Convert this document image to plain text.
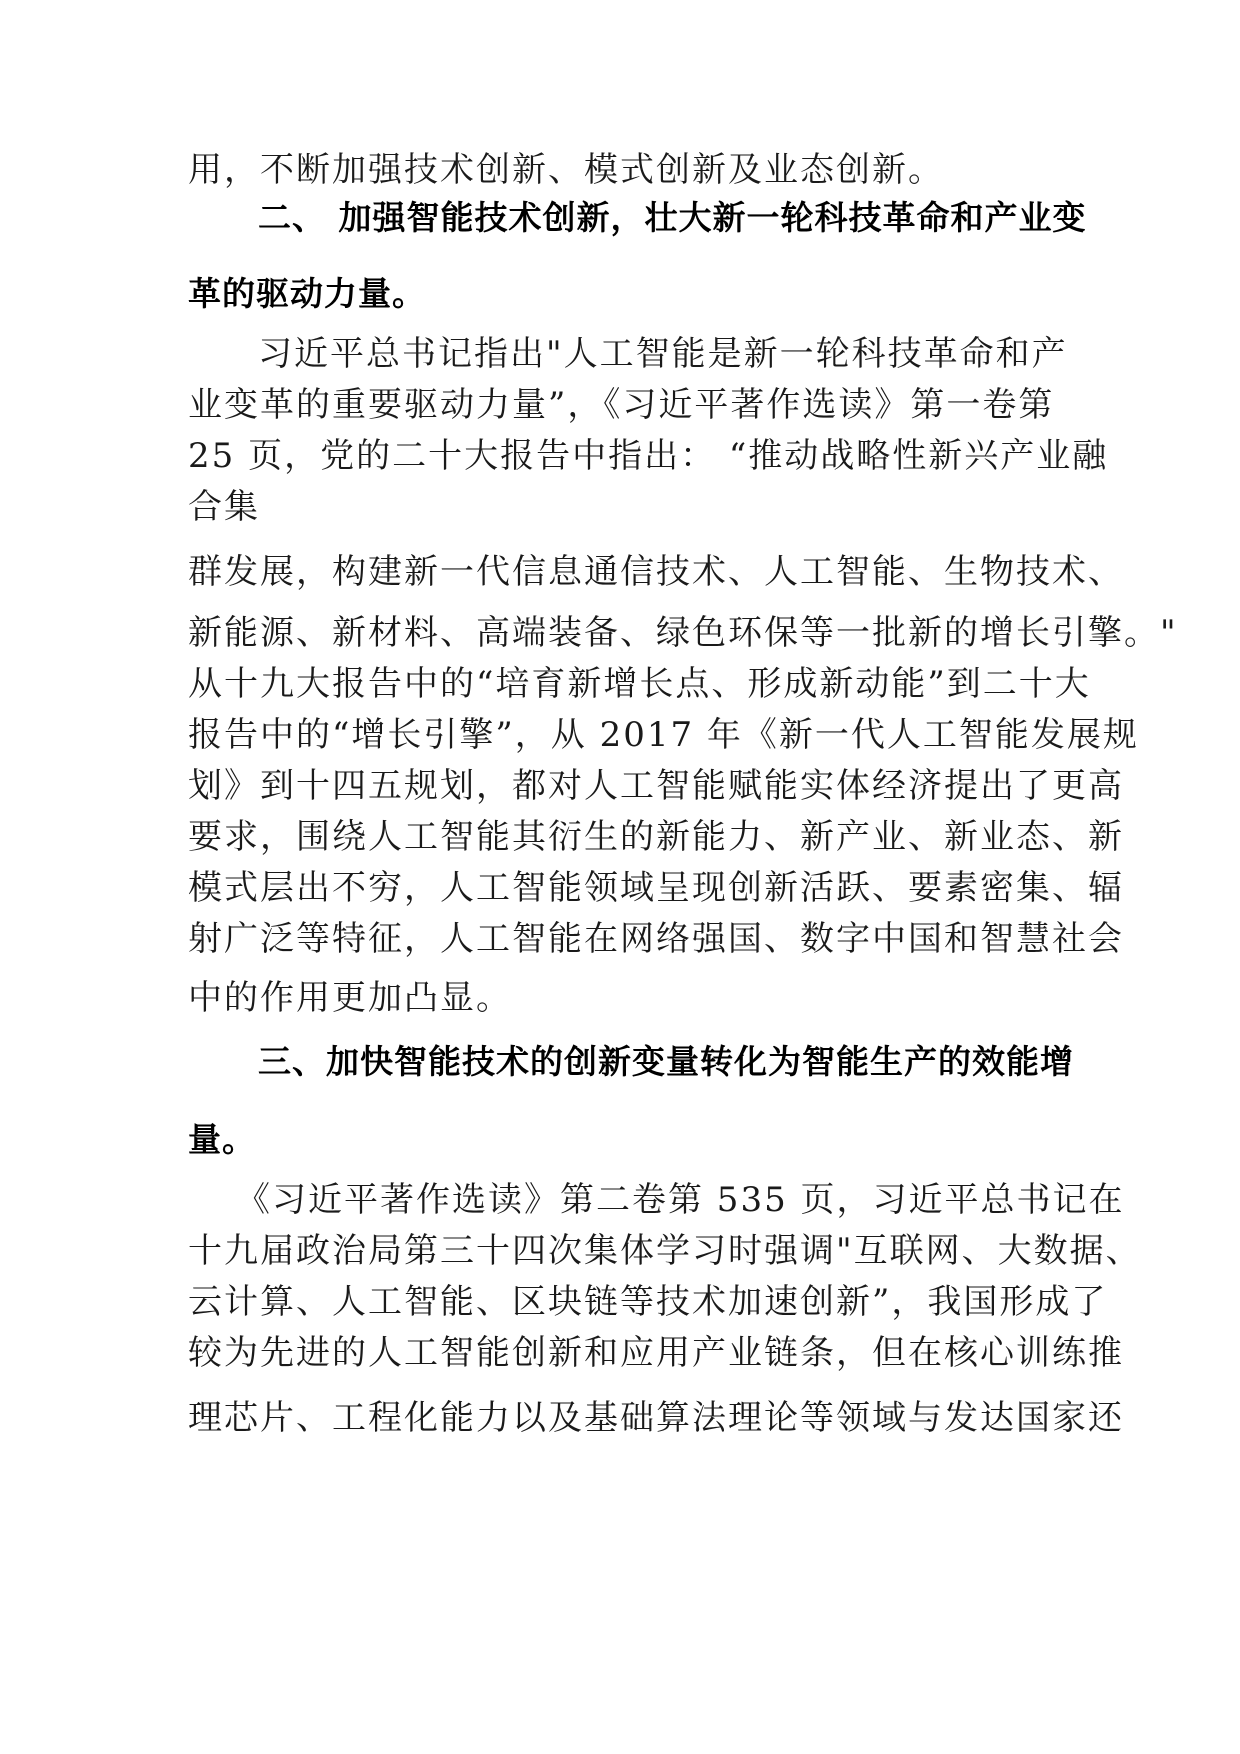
用，不断加强技术创新、模式创新及业态创新。
二、 加强智能技术创新，壮大新一轮科技革命和产业变
革的驱动力量。
习近平总书记指出"人工智能是新一轮科技革命和产
业变革的重要驱动力量”，《习近平著作选读》第一卷第
25 页，党的二十大报告中指出： “推动战略性新兴产业融
合集
群发展，构建新一代信息通信技术、人工智能、生物技术、
新能源、新材料、高端装备、绿色环保等一批新的增长引擎。"
从十九大报告中的“培育新增长点、形成新动能”到二十大
报告中的“增长引擎”，从 2017 年《新一代人工智能发展规
划》到十四五规划，都对人工智能赋能实体经济提出了更高
要求，围绕人工智能其衍生的新能力、新产业、新业态、新
模式层出不穷，人工智能领域呈现创新活跃、要素密集、辐
射广泛等特征，人工智能在网络强国、数字中国和智慧社会
中的作用更加凸显。
三、加快智能技术的创新变量转化为智能生产的效能增
量。
《习近平著作选读》第二卷第 535 页，习近平总书记在
十九届政治局第三十四次集体学习时强调"互联网、大数据、
云计算、人工智能、区块链等技术加速创新”，我国形成了
较为先进的人工智能创新和应用产业链条，但在核心训练推
理芯片、工程化能力以及基础算法理论等领域与发达国家还
